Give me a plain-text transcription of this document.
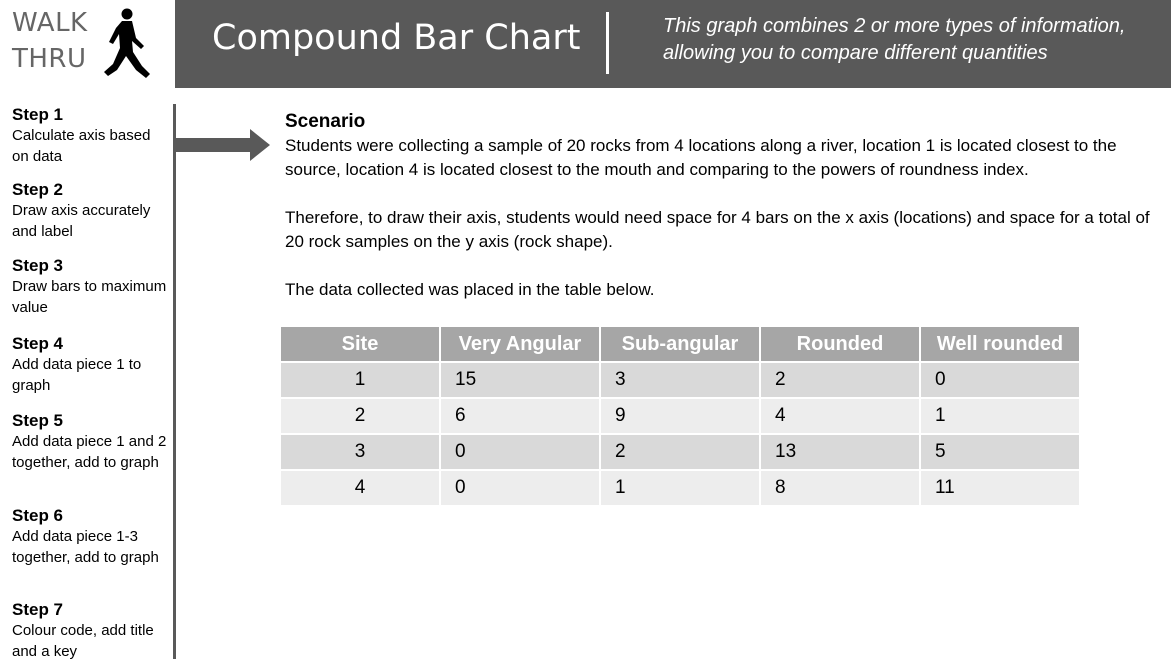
WALK
THRU
Compound Bar Chart	This graph combines 2 or more types of information, allowing you to compare different quantities
Step 1
Calculate axis based on data
Step 2
Draw axis accurately and label
Step 3
Draw bars to maximum value
Step 4
Add data piece 1 to graph
Step 5
Add data piece 1 and 2 together, add to graph
Step 6
Add data piece 1-3 together, add to graph
Step 7
Colour code, add title and a key
Scenario
Students were collecting a sample of 20 rocks from 4 locations along a river, location 1 is located closest to the source, location 4 is located closest to the mouth and comparing to the powers of roundness index.
Therefore, to draw their axis, students would need space for 4 bars on the x axis (locations) and space for a total of 20 rock samples on the y axis (rock shape).
The data collected was placed in the table below.
Site	Very Angular	Sub-angular	Rounded	Well rounded
1	15	3	2	0
2	6	9	4	1
3	0	2	13	5
4	0	1	8	11
